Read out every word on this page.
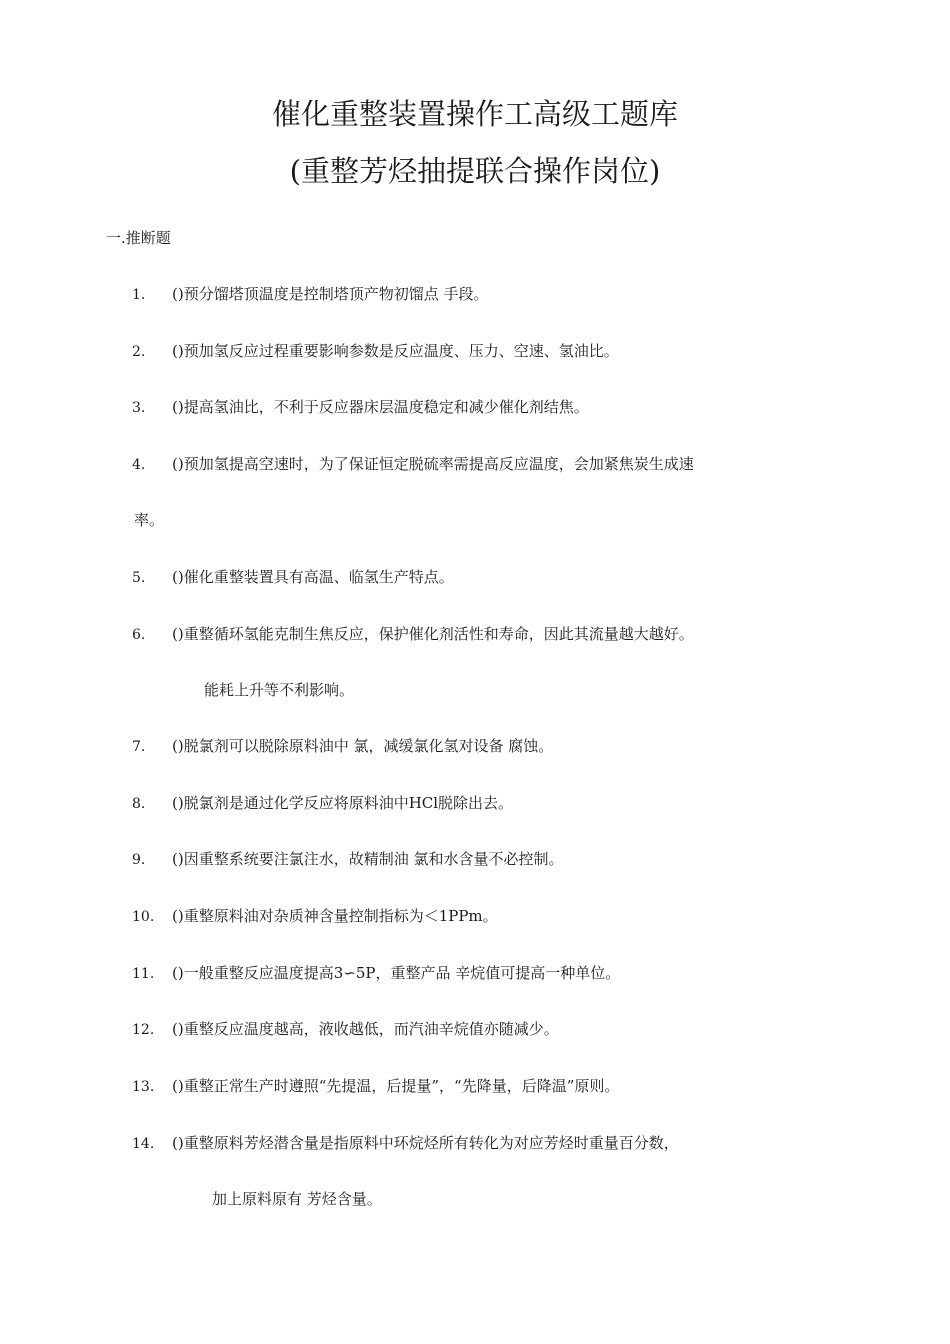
催化重整装置操作工高级工题库
(重整芳烃抽提联合操作岗位)
一.推断题
1. ()预分馏塔顶温度是控制塔顶产物初馏点 手段。
2. ()预加氢反应过程重要影响参数是反应温度、压力、空速、氢油比。
3. ()提高氢油比，不利于反应器床层温度稳定和减少催化剂结焦。
4. ()预加氢提高空速时，为了保证恒定脱硫率需提高反应温度，会加紧焦炭生成速
率。
5. ()催化重整装置具有高温、临氢生产特点。
6. ()重整循环氢能克制生焦反应，保护催化剂活性和寿命，因此其流量越大越好。
能耗上升等不利影响。
7. ()脱氯剂可以脱除原料油中 氯，减缓氯化氢对设备 腐蚀。
8. ()脱氯剂是通过化学反应将原料油中HCl脱除出去。
9. ()因重整系统要注氯注水，故精制油 氯和水含量不必控制。
10. ()重整原料油对杂质神含量控制指标为＜1PPm。
11. ()一般重整反应温度提高3∽5P，重整产品 辛烷值可提高一种单位。
12. ()重整反应温度越高，液收越低，而汽油辛烷值亦随减少。
13. ()重整正常生产时遵照“先提温，后提量”，“先降量，后降温”原则。
14. ()重整原料芳烃潜含量是指原料中环烷烃所有转化为对应芳烃时重量百分数，
加上原料原有 芳烃含量。
